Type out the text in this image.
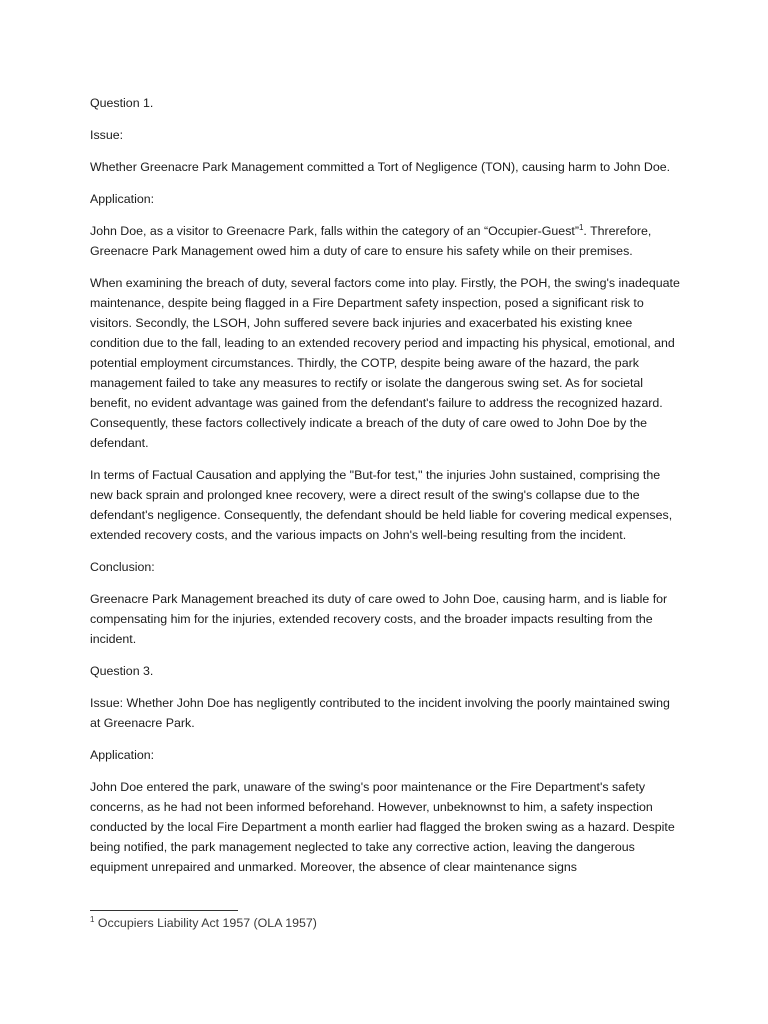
Question 1.

Issue:

Whether Greenacre Park Management committed a Tort of Negligence (TON), causing harm to John Doe.

Application:

John Doe, as a visitor to Greenacre Park, falls within the category of an “Occupier-Guest”$^1$. Threrefore, Greenacre Park Management owed him a duty of care to ensure his safety while on their premises.

When examining the breach of duty, several factors come into play. Firstly, the POH, the swing's inadequate maintenance, despite being flagged in a Fire Department safety inspection, posed a significant risk to visitors. Secondly, the LSOH, John suffered severe back injuries and exacerbated his existing knee condition due to the fall, leading to an extended recovery period and impacting his physical, emotional, and potential employment circumstances. Thirdly, the COTP, despite being aware of the hazard, the park management failed to take any measures to rectify or isolate the dangerous swing set. As for societal benefit, no evident advantage was gained from the defendant's failure to address the recognized hazard. Consequently, these factors collectively indicate a breach of the duty of care owed to John Doe by the defendant.

In terms of Factual Causation and applying the "But-for test," the injuries John sustained, comprising the new back sprain and prolonged knee recovery, were a direct result of the swing's collapse due to the defendant's negligence. Consequently, the defendant should be held liable for covering medical expenses, extended recovery costs, and the various impacts on John's well-being resulting from the incident.

Conclusion:

Greenacre Park Management breached its duty of care owed to John Doe, causing harm, and is liable for compensating him for the injuries, extended recovery costs, and the broader impacts resulting from the incident.

Question 3.

Issue: Whether John Doe has negligently contributed to the incident involving the poorly maintained swing at Greenacre Park.

Application:

John Doe entered the park, unaware of the swing's poor maintenance or the Fire Department's safety concerns, as he had not been informed beforehand. However, unbeknownst to him, a safety inspection conducted by the local Fire Department a month earlier had flagged the broken swing as a hazard. Despite being notified, the park management neglected to take any corrective action, leaving the dangerous equipment unrepaired and unmarked. Moreover, the absence of clear maintenance signs

$^1$ Occupiers Liability Act 1957 (OLA 1957)
